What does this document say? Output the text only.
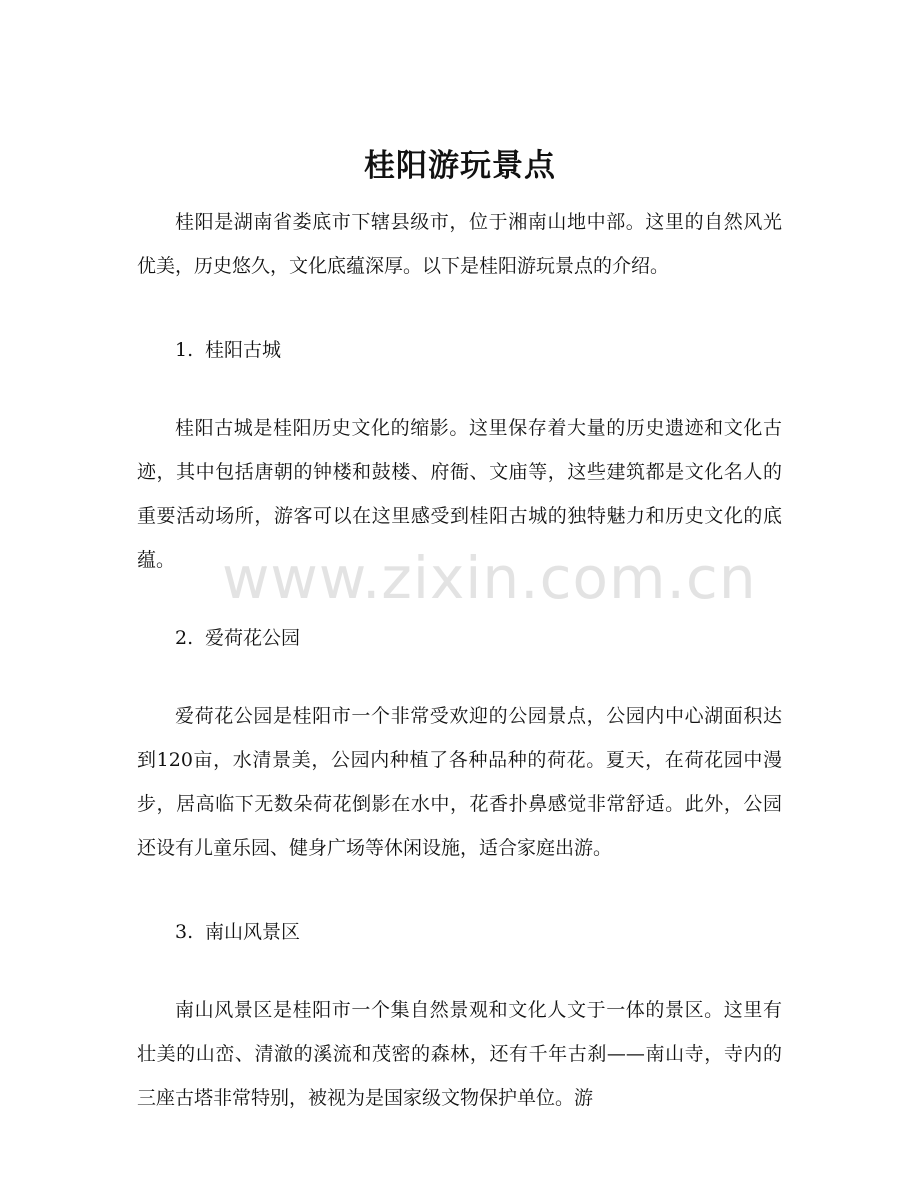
桂阳游玩景点

桂阳是湖南省娄底市下辖县级市，位于湘南山地中部。这里的自然风光优美，历史悠久，文化底蕴深厚。以下是桂阳游玩景点的介绍。

1. 桂阳古城

桂阳古城是桂阳历史文化的缩影。这里保存着大量的历史遗迹和文化古迹，其中包括唐朝的钟楼和鼓楼、府衙、文庙等，这些建筑都是文化名人的重要活动场所，游客可以在这里感受到桂阳古城的独特魅力和历史文化的底蕴。

2. 爱荷花公园

爱荷花公园是桂阳市一个非常受欢迎的公园景点，公园内中心湖面积达到120亩，水清景美，公园内种植了各种品种的荷花。夏天，在荷花园中漫步，居高临下无数朵荷花倒影在水中，花香扑鼻感觉非常舒适。此外，公园还设有儿童乐园、健身广场等休闲设施，适合家庭出游。

3. 南山风景区

南山风景区是桂阳市一个集自然景观和文化人文于一体的景区。这里有壮美的山峦、清澈的溪流和茂密的森林，还有千年古刹——南山寺，寺内的三座古塔非常特别，被视为是国家级文物保护单位。游

www.zixin.com.cn
